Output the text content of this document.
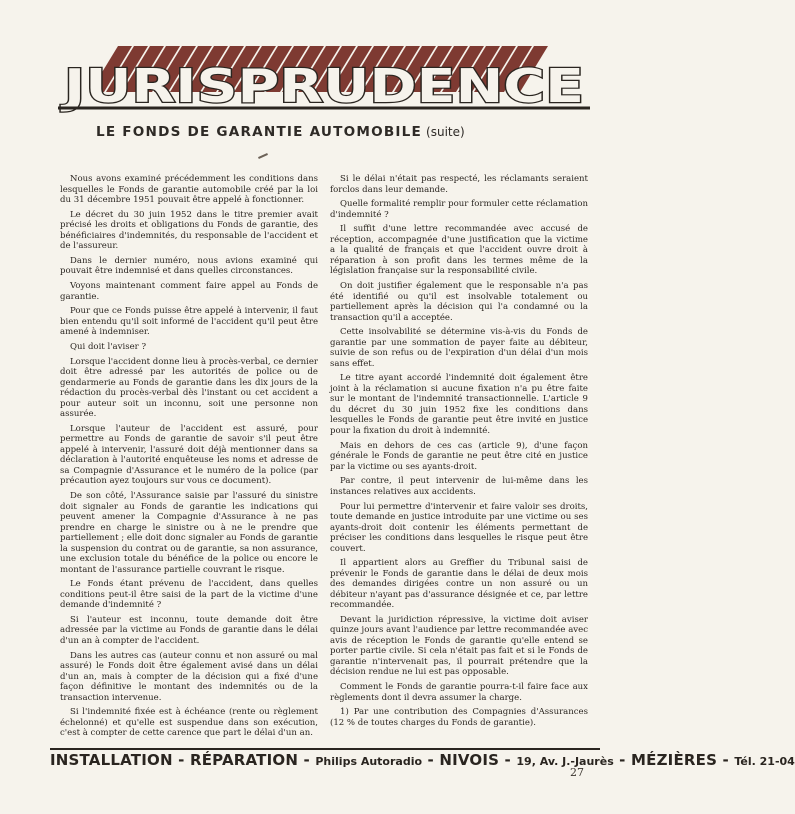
JURISPRUDENCE
LE FONDS DE GARANTIE AUTOMOBILE (suite)

Nous avons examiné précédemment les conditions dans lesquelles le Fonds de garantie automobile créé par la loi du 31 décembre 1951 pouvait être appelé à fonctionner.

Le décret du 30 juin 1952 dans le titre premier avait précisé les droits et obligations du Fonds de garantie, des bénéficiaires d'indemnités, du responsable de l'accident et de l'assureur.

Dans le dernier numéro, nous avions examiné qui pouvait être indemnisé et dans quelles circonstances.

Voyons maintenant comment faire appel au Fonds de garantie.

Pour que ce Fonds puisse être appelé à intervenir, il faut bien entendu qu'il soit informé de l'accident qu'il peut être amené à indemniser.

Qui doit l'aviser ?

Lorsque l'accident donne lieu à procès-verbal, ce dernier doit être adressé par les autorités de police ou de gendarmerie au Fonds de garantie dans les dix jours de la rédaction du procès-verbal dès l'instant ou cet accident a pour auteur soit un inconnu, soit une personne non assurée.

Lorsque l'auteur de l'accident est assuré, pour permettre au Fonds de garantie de savoir s'il peut être appelé à intervenir, l'assuré doit déjà mentionner dans sa déclaration à l'autorité enquêteuse les noms et adresse de sa Compagnie d'Assurance et le numéro de la police (par précaution ayez toujours sur vous ce document).

De son côté, l'Assurance saisie par l'assuré du sinistre doit signaler au Fonds de garantie les indications qui peuvent amener la Compagnie d'Assurance à ne pas prendre en charge le sinistre ou à ne le prendre que partiellement ; elle doit donc signaler au Fonds de garantie la suspension du contrat ou de garantie, sa non assurance, une exclusion totale du bénéfice de la police ou encore le montant de l'assurance partielle couvrant le risque.

Le Fonds étant prévenu de l'accident, dans quelles conditions peut-il être saisi de la part de la victime d'une demande d'indemnité ?

Si l'auteur est inconnu, toute demande doit être adressée par la victime au Fonds de garantie dans le délai d'un an à compter de l'accident.

Dans les autres cas (auteur connu et non assuré ou mal assuré) le Fonds doit être également avisé dans un délai d'un an, mais à compter de la décision qui a fixé d'une façon définitive le montant des indemnités ou de la transaction intervenue.

Si l'indemnité fixée est à échéance (rente ou règlement échelonné) et qu'elle est suspendue dans son exécution, c'est à compter de cette carence que part le délai d'un an.

Si le délai n'était pas respecté, les réclamants seraient forclos dans leur demande.

Quelle formalité remplir pour formuler cette réclamation d'indemnité ?

Il suffit d'une lettre recommandée avec accusé de réception, accompagnée d'une justification que la victime a la qualité de français et que l'accident ouvre droit à réparation à son profit dans les termes même de la législation française sur la responsabilité civile.

On doit justifier également que le responsable n'a pas été identifié ou qu'il est insolvable totalement ou partiellement après la décision qui l'a condamné ou la transaction qu'il a acceptée.

Cette insolvabilité se détermine vis-à-vis du Fonds de garantie par une sommation de payer faite au débiteur, suivie de son refus ou de l'expiration d'un délai d'un mois sans effet.

Le titre ayant accordé l'indemnité doit également être joint à la réclamation si aucune fixation n'a pu être faite sur le montant de l'indemnité transactionnelle. L'article 9 du décret du 30 juin 1952 fixe les conditions dans lesquelles le Fonds de garantie peut être invité en justice pour la fixation du droit à indemnité.

Mais en dehors de ces cas (article 9), d'une façon générale le Fonds de garantie ne peut être cité en justice par la victime ou ses ayants-droit.

Par contre, il peut intervenir de lui-même dans les instances relatives aux accidents.

Pour lui permettre d'intervenir et faire valoir ses droits, toute demande en justice introduite par une victime ou ses ayants-droit doit contenir les éléments permettant de préciser les conditions dans lesquelles le risque peut être couvert.

Il appartient alors au Greffier du Tribunal saisi de prévenir le Fonds de garantie dans le délai de deux mois des demandes dirigées contre un non assuré ou un débiteur n'ayant pas d'assurance désignée et ce, par lettre recommandée.

Devant la juridiction répressive, la victime doit aviser quinze jours avant l'audience par lettre recommandée avec avis de réception le Fonds de garantie qu'elle entend se porter partie civile. Si cela n'était pas fait et si le Fonds de garantie n'intervenait pas, il pourrait prétendre que la décision rendue ne lui est pas opposable.

Comment le Fonds de garantie pourra-t-il faire face aux règlements dont il devra assumer la charge.

1) Par une contribution des Compagnies d'Assurances (12 % de toutes charges du Fonds de garantie).

INSTALLATION - RÉPARATION - Philips Autoradio - NIVOIS - 19, Av. J.-Jaurès - MÉZIÈRES - Tél. 21-04
27
